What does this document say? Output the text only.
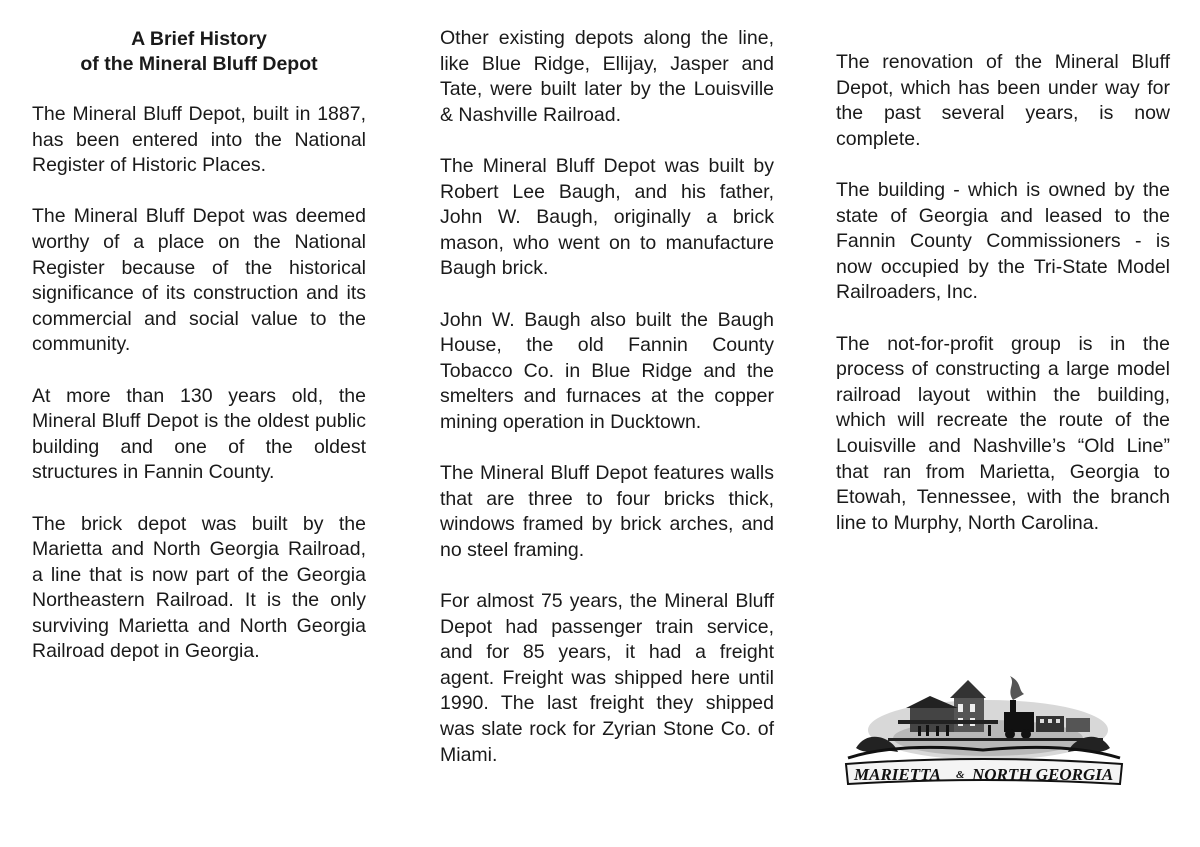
A Brief History
of the Mineral Bluff Depot

The Mineral Bluff Depot, built in 1887, has been entered into the National Register of Historic Places.

The Mineral Bluff Depot was deemed worthy of a place on the National Register because of the historical significance of its construction and its commercial and social value to the community.

At more than 130 years old, the Mineral Bluff Depot is the oldest public building and one of the oldest structures in Fannin County.

The brick depot was built by the Marietta and North Georgia Railroad, a line that is now part of the Georgia Northeastern Railroad. It is the only surviving Marietta and North Georgia Railroad depot in Georgia.

Other existing depots along the line, like Blue Ridge, Ellijay, Jasper and Tate, were built later by the Louisville & Nashville Railroad.

The Mineral Bluff Depot was built by Robert Lee Baugh, and his father, John W. Baugh, originally a brick mason, who went on to manufacture Baugh brick.

John W. Baugh also built the Baugh House, the old Fannin County Tobacco Co. in Blue Ridge and the smelters and furnaces at the copper mining operation in Ducktown.

The Mineral Bluff Depot features walls that are three to four bricks thick, windows framed by brick arches, and no steel framing.

For almost 75 years, the Mineral Bluff Depot had passenger train service, and for 85 years, it had a freight agent. Freight was shipped here until 1990. The last freight they shipped was slate rock for Zyrian Stone Co. of Miami.

The renovation of the Mineral Bluff Depot, which has been under way for the past several years, is now complete.

The building - which is owned by the state of Georgia and leased to the Fannin County Commissioners - is now occupied by the Tri-State Model Railroaders, Inc.

The not-for-profit group is in the process of constructing a large model railroad layout within the building, which will recreate the route of the Louisville and Nashville’s “Old Line” that ran from Marietta, Georgia to Etowah, Tennessee, with the branch line to Murphy, North Carolina.

MARIETTA & NORTH GEORGIA
